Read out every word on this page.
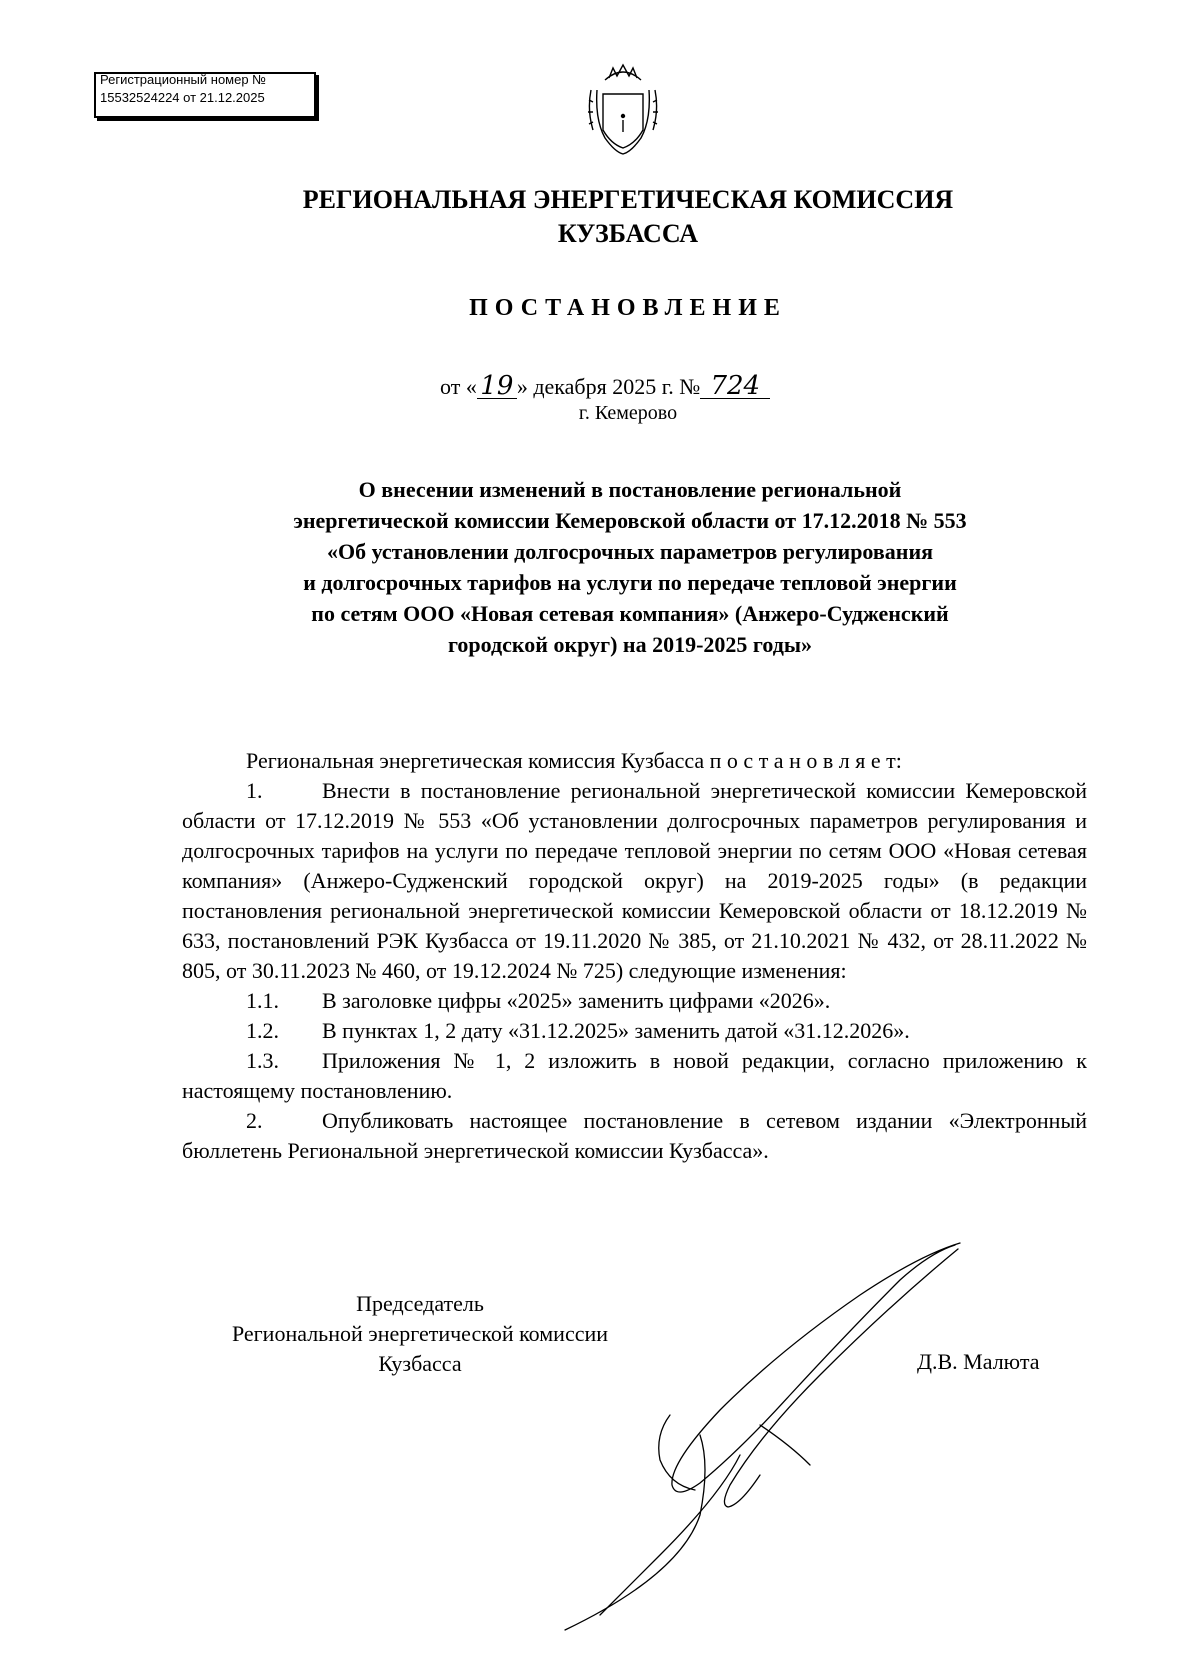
Регистрационный номер №
15532524224 от 21.12.2025
РЕГИОНАЛЬНАЯ ЭНЕРГЕТИЧЕСКАЯ КОМИССИЯ
КУЗБАССА
ПОСТАНОВЛЕНИЕ
от « 19 » декабря 2025 г. № 724
г. Кемерово
О внесении изменений в постановление региональной
энергетической комиссии Кемеровской области от 17.12.2018 № 553
«Об установлении долгосрочных параметров регулирования
и долгосрочных тарифов на услуги по передаче тепловой энергии
по сетям ООО «Новая сетевая компания» (Анжеро-Судженский
городской округ) на 2019-2025 годы»

Региональная энергетическая комиссия Кузбасса п о с т а н о в л я е т:

1.	Внести в постановление региональной энергетической комиссии Кемеровской области от 17.12.2019 № 553 «Об установлении долгосрочных параметров регулирования и долгосрочных тарифов на услуги по передаче тепловой энергии по сетям ООО «Новая сетевая компания» (Анжеро-Судженский городской округ) на 2019-2025 годы» (в редакции постановления региональной энергетической комиссии Кемеровской области от 18.12.2019 № 633, постановлений РЭК Кузбасса от 19.11.2020 № 385, от 21.10.2021 № 432, от 28.11.2022 № 805, от 30.11.2023 № 460, от 19.12.2024 № 725) следующие изменения:

1.1. В заголовке цифры «2025» заменить цифрами «2026».

1.2. В пунктах 1, 2 дату «31.12.2025» заменить датой «31.12.2026».

1.3. Приложения № 1, 2 изложить в новой редакции, согласно приложению к настоящему постановлению.

2.	Опубликовать настоящее постановление в сетевом издании «Электронный бюллетень Региональной энергетической комиссии Кузбасса».

Председатель
Региональной энергетической комиссии
Кузбасса	Д.В. Малюта
